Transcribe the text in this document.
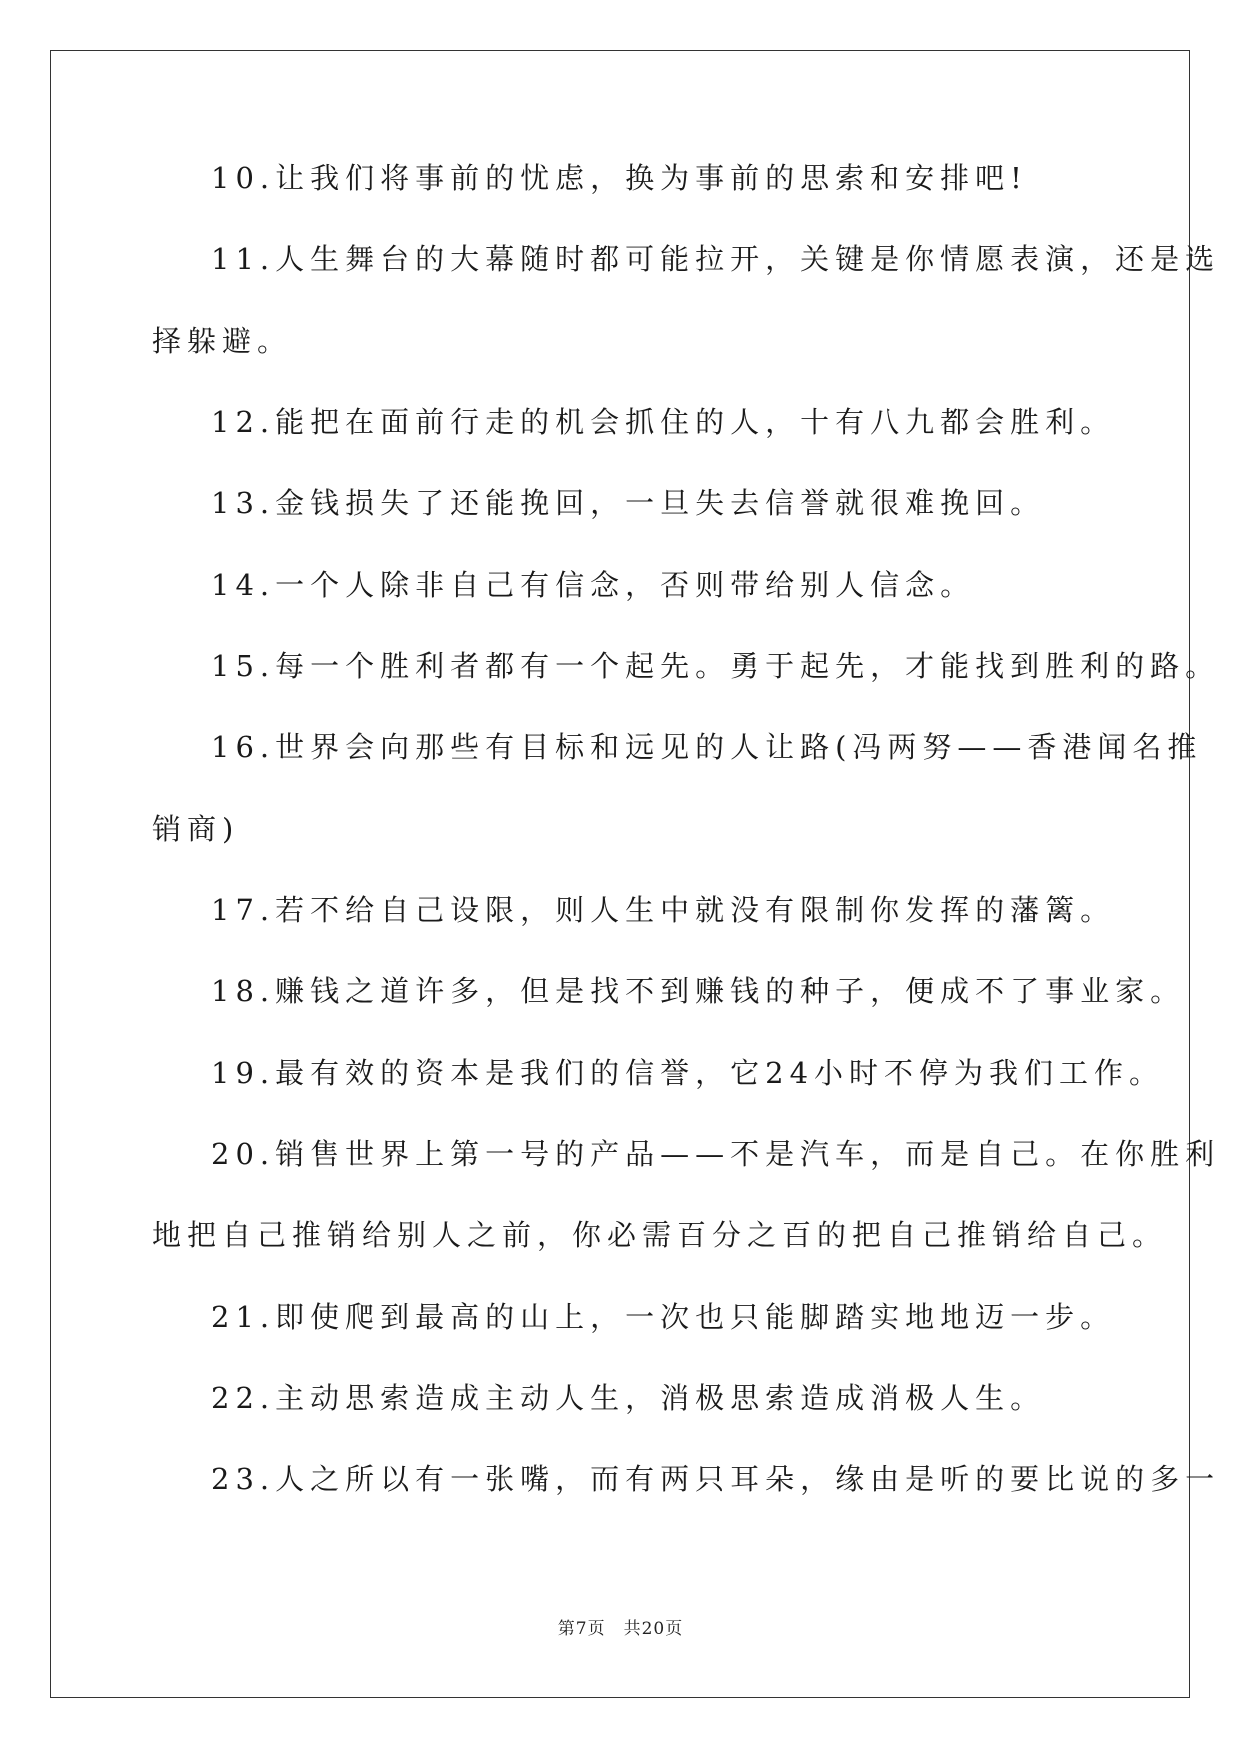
10.让我们将事前的忧虑，换为事前的思索和安排吧!
11.人生舞台的大幕随时都可能拉开，关键是你情愿表演，还是选
择躲避。
12.能把在面前行走的机会抓住的人，十有八九都会胜利。
13.金钱损失了还能挽回，一旦失去信誉就很难挽回。
14.一个人除非自己有信念，否则带给别人信念。
15.每一个胜利者都有一个起先。勇于起先，才能找到胜利的路。
16.世界会向那些有目标和远见的人让路(冯两努——香港闻名推
销商)
17.若不给自己设限，则人生中就没有限制你发挥的藩篱。
18.赚钱之道许多，但是找不到赚钱的种子，便成不了事业家。
19.最有效的资本是我们的信誉，它24小时不停为我们工作。
20.销售世界上第一号的产品——不是汽车，而是自己。在你胜利
地把自己推销给别人之前，你必需百分之百的把自己推销给自己。
21.即使爬到最高的山上，一次也只能脚踏实地地迈一步。
22.主动思索造成主动人生，消极思索造成消极人生。
23.人之所以有一张嘴，而有两只耳朵，缘由是听的要比说的多一
第7页　共20页
